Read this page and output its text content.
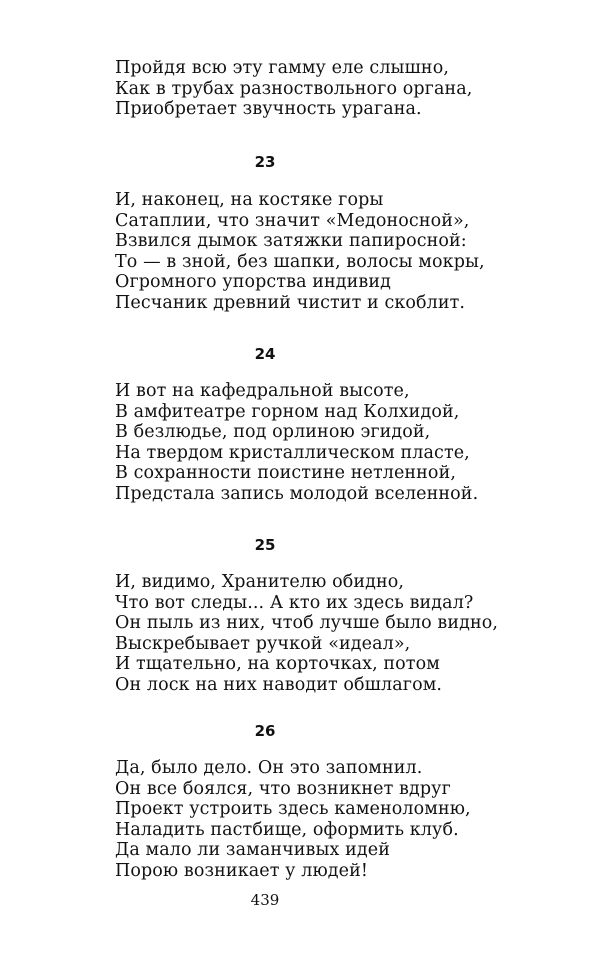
Пройдя всю эту гамму еле слышно,
Как в трубах разноствольного органа,
Приобретает звучность урагана.
23
И, наконец, на костяке горы
Сатаплии, что значит «Медоносной»,
Взвился дымок затяжки папиросной:
То — в зной, без шапки, волосы мокры,
Огромного упорства индивид
Песчаник древний чистит и скоблит.
24
И вот на кафедральной высоте,
В амфитеатре горном над Колхидой,
В безлюдье, под орлиною эгидой,
На твердом кристаллическом пласте,
В сохранности поистине нетленной,
Предстала запись молодой вселенной.
25
И, видимо, Хранителю обидно,
Что вот следы... А кто их здесь видал?
Он пыль из них, чтоб лучше было видно,
Выскребывает ручкой «идеал»,
И тщательно, на корточках, потом
Он лоск на них наводит обшлагом.
26
Да, было дело. Он это запомнил.
Он все боялся, что возникнет вдруг
Проект устроить здесь каменоломню,
Наладить пастбище, оформить клуб.
Да мало ли заманчивых идей
Порою возникает у людей!
439
